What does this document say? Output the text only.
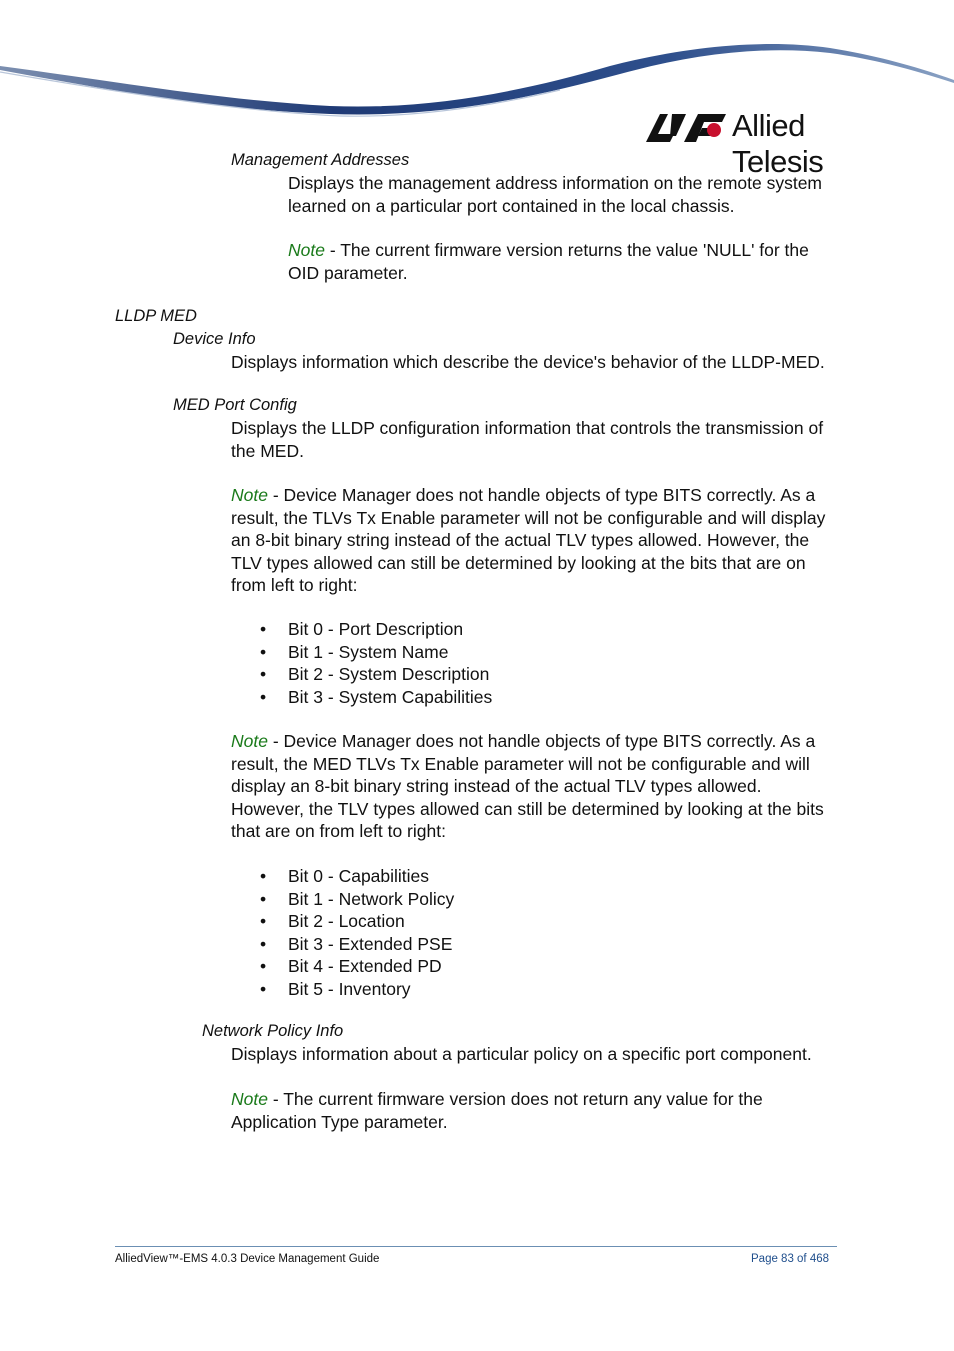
Allied Telesis
Management Addresses

Displays the management address information on the remote system learned on a particular port contained in the local chassis.

Note - The current firmware version returns the value 'NULL' for the OID parameter.

LLDP MED
Device Info

Displays information which describe the device's behavior of the LLDP-MED.

MED Port Config

Displays the LLDP configuration information that controls the transmission of the MED.

Note - Device Manager does not handle objects of type BITS correctly. As a result, the TLVs Tx Enable parameter will not be configurable and will display an 8-bit binary string instead of the actual TLV types allowed. However, the TLV types allowed can still be determined by looking at the bits that are on from left to right:

• Bit 0 - Port Description
• Bit 1 - System Name
• Bit 2 - System Description
• Bit 3 - System Capabilities

Note - Device Manager does not handle objects of type BITS correctly. As a result, the MED TLVs Tx Enable parameter will not be configurable and will display an 8-bit binary string instead of the actual TLV types allowed. However, the TLV types allowed can still be determined by looking at the bits that are on from left to right:

• Bit 0 - Capabilities
• Bit 1 - Network Policy
• Bit 2 - Location
• Bit 3 - Extended PSE
• Bit 4 - Extended PD
• Bit 5 - Inventory
Network Policy Info

Displays information about a particular policy on a specific port component.

Note - The current firmware version does not return any value for the Application Type parameter.

AlliedView™-EMS 4.0.3 Device Management Guide	Page 83 of 468
